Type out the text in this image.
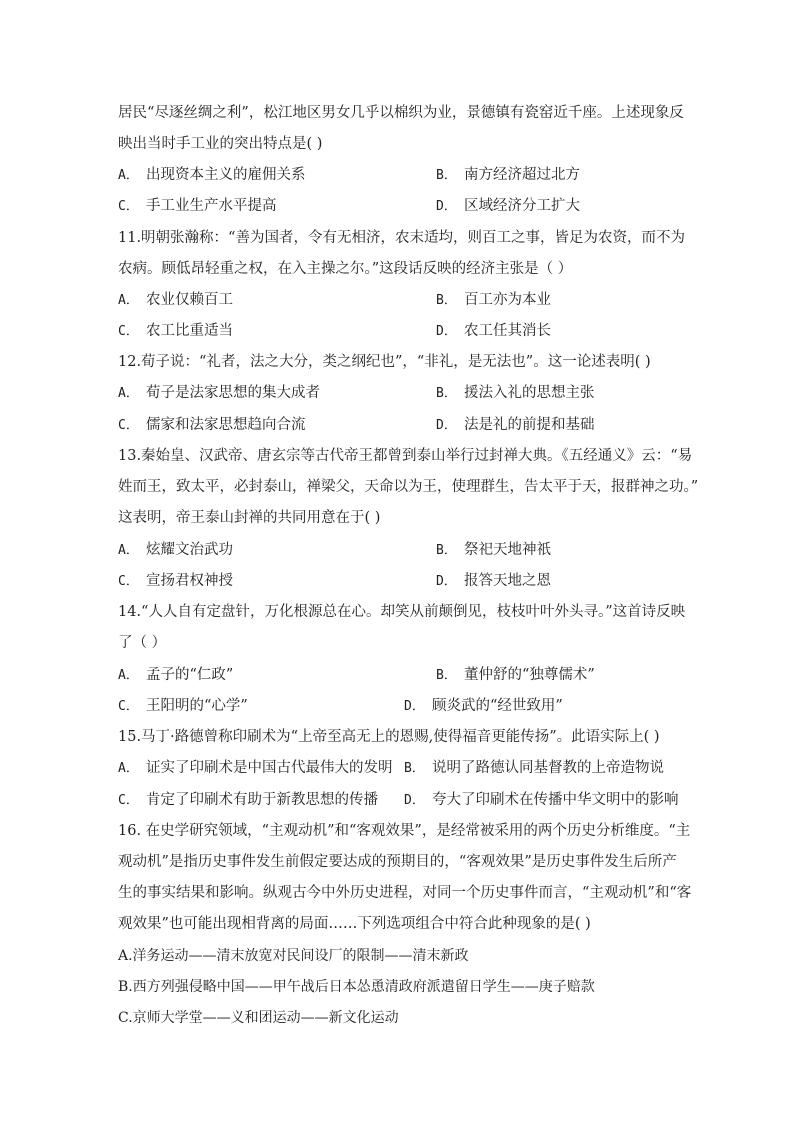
居民“尽逐丝绸之利”，松江地区男女几乎以棉织为业，景德镇有瓷窑近千座。上述现象反
映出当时手工业的突出特点是( )
A． 出现资本主义的雇佣关系	B． 南方经济超过北方
C． 手工业生产水平提高	D． 区域经济分工扩大
11.明朝张瀚称：“善为国者，令有无相济，农末适均，则百工之事，皆足为农资，而不为
农病。顾低昂轻重之权，在入主操之尔。”这段话反映的经济主张是（ ）
A． 农业仅赖百工	B． 百工亦为本业
C． 农工比重适当	D． 农工任其消长
12.荀子说：“礼者，法之大分，类之纲纪也”，“非礼，是无法也”。这一论述表明( )
A． 荀子是法家思想的集大成者	B． 援法入礼的思想主张
C． 儒家和法家思想趋向合流	D． 法是礼的前提和基础
13.秦始皇、汉武帝、唐玄宗等古代帝王都曾到泰山举行过封禅大典。《五经通义》云：“易
姓而王，致太平，必封泰山，禅梁父，天命以为王，使理群生，告太平于天，报群神之功。”
这表明，帝王泰山封禅的共同用意在于( )
A． 炫耀文治武功	B． 祭祀天地神祇
C． 宣扬君权神授	D． 报答天地之恩
14.“人人自有定盘针，万化根源总在心。却笑从前颠倒见，枝枝叶叶外头寻。”这首诗反映
了（ ）
A． 孟子的“仁政”	B． 董仲舒的“独尊儒术”
C． 王阳明的“心学”	D． 顾炎武的“经世致用”
15.马丁·路德曾称印刷术为“上帝至高无上的恩赐,使得福音更能传扬”。此语实际上( )
A． 证实了印刷术是中国古代最伟大的发明 B． 说明了路德认同基督教的上帝造物说
C． 肯定了印刷术有助于新教思想的传播 D． 夸大了印刷术在传播中华文明中的影响
16. 在史学研究领域，“主观动机”和“客观效果”，是经常被采用的两个历史分析维度。“主
观动机”是指历史事件发生前假定要达成的预期目的，“客观效果”是历史事件发生后所产
生的事实结果和影响。纵观古今中外历史进程，对同一个历史事件而言，“主观动机”和“客
观效果”也可能出现相背离的局面……下列选项组合中符合此种现象的是( )
A.洋务运动——清末放宽对民间设厂的限制——清末新政
B.西方列强侵略中国——甲午战后日本怂恿清政府派遣留日学生——庚子赔款
C.京师大学堂——义和团运动——新文化运动
